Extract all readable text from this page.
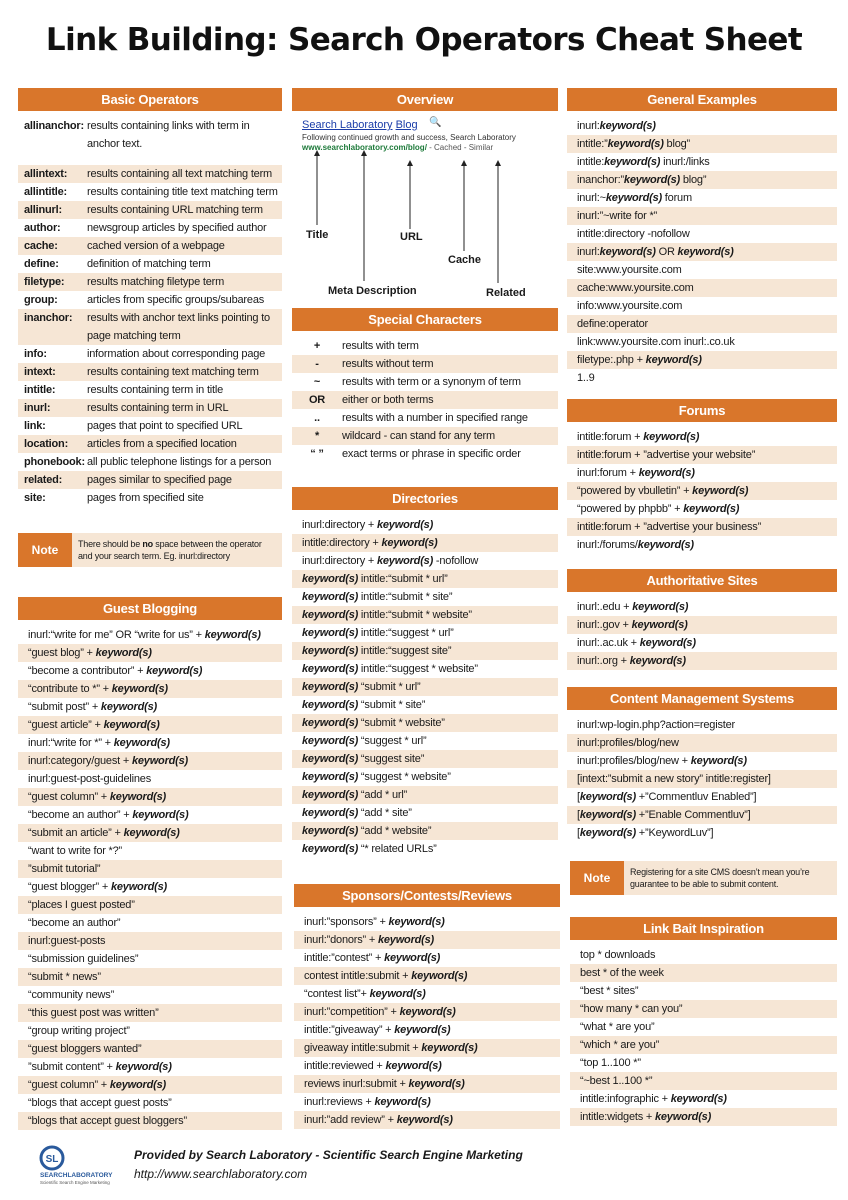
Link Building: Search Operators Cheat Sheet
Basic Operators
allinanchor: results containing links with term in anchor text.
allintext:	results containing all text matching term
allintitle:	results containing title text matching term
allinurl:	results containing URL matching term
author:	newsgroup articles by specified author
cache:	cached version of a webpage
define:	definition of matching term
filetype:	results matching filetype term
group:	articles from specific groups/subareas
inanchor:	results with anchor text links pointing to page matching term
info:	information about corresponding page
intext:	results containing text matching term
intitle:	results containing term in title
inurl:	results containing term in URL
link:	pages that point to specified URL
location:	articles from a specified location
phonebook: all public telephone listings for a person
related:	pages similar to specified page
site:	pages from specified site
Note	There should be no space between the operator and your search term. Eg. inurl:directory
Guest Blogging
inurl:“write for me” OR “write for us” + keyword(s)
“guest blog” + keyword(s)
“become a contributor” + keyword(s)
“contribute to *” + keyword(s)
“submit post” + keyword(s)
“guest article” + keyword(s)
inurl:“write for *” + keyword(s)
inurl:category/guest + keyword(s)
inurl:guest-post-guidelines
“guest column” + keyword(s)
“become an author” + keyword(s)
“submit an article” + keyword(s)
“want to write for *?”
”submit tutorial”
“guest blogger” + keyword(s)
“places I guest posted”
“become an author”
inurl:guest-posts
“submission guidelines”
“submit * news”
“community news”
“this guest post was written”
“group writing project”
“guest bloggers wanted”
”submit content” + keyword(s)
“guest column” + keyword(s)
“blogs that accept guest posts”
“blogs that accept guest bloggers”
Overview
Search Laboratory Blog 🔍
Following continued growth and success, Search Laboratory
www.searchlaboratory.com/blog/ - Cached - Similar
Title	URL
Cache
Meta Description	Related
Special Characters
+	results with term
-	results without term
~	results with term or a synonym of term
OR	either or both terms
..	results with a number in specified range
*	wildcard - can stand for any term
“ ”	exact terms or phrase in specific order
Directories
inurl:directory + keyword(s)
intitle:directory + keyword(s)
inurl:directory + keyword(s) -nofollow
keyword(s) intitle:“submit * url”
keyword(s) intitle:“submit * site”
keyword(s) intitle:“submit * website”
keyword(s) intitle:“suggest * url”
keyword(s) intitle:“suggest site”
keyword(s) intitle:“suggest * website”
keyword(s) “submit * url”
keyword(s) “submit * site”
keyword(s) “submit * website”
keyword(s) “suggest * url”
keyword(s) “suggest site”
keyword(s) “suggest * website”
keyword(s) “add * url”
keyword(s) “add * site”
keyword(s) “add * website”
keyword(s) “* related URLs”
Sponsors/Contests/Reviews
inurl:”sponsors” + keyword(s)
inurl:”donors” + keyword(s)
intitle:”contest” + keyword(s)
contest intitle:submit + keyword(s)
“contest list”+ keyword(s)
inurl:”competition” + keyword(s)
intitle:”giveaway” + keyword(s)
giveaway intitle:submit + keyword(s)
intitle:reviewed + keyword(s)
reviews inurl:submit + keyword(s)
inurl:reviews + keyword(s)
inurl:”add review” + keyword(s)
General Examples
inurl:keyword(s)
intitle:”keyword(s) blog”
intitle:keyword(s) inurl:/links
inanchor:”keyword(s) blog”
inurl:~keyword(s) forum
inurl:”~write for *”
intitle:directory -nofollow
inurl:keyword(s) OR keyword(s)
site:www.yoursite.com
cache:www.yoursite.com
info:www.yoursite.com
define:operator
link:www.yoursite.com inurl:.co.uk
filetype:.php + keyword(s)
1..9
Forums
intitle:forum + keyword(s)
intitle:forum + ”advertise your website”
inurl:forum + keyword(s)
“powered by vbulletin” + keyword(s)
“powered by phpbb” + keyword(s)
intitle:forum + ”advertise your business”
inurl:/forums/keyword(s)
Authoritative Sites
inurl:.edu + keyword(s)
inurl:.gov + keyword(s)
inurl:.ac.uk + keyword(s)
inurl:.org + keyword(s)
Content Management Systems
inurl:wp-login.php?action=register
inurl:profiles/blog/new
inurl:profiles/blog/new + keyword(s)
[intext:”submit a new story” intitle:register]
[keyword(s) +”Commentluv Enabled”]
[keyword(s) +”Enable Commentluv”]
[keyword(s) +”KeywordLuv”]
Note	Registering for a site CMS doesn’t mean you’re guarantee to be able to submit content.
Link Bait Inspiration
top * downloads
best * of the week
“best * sites”
“how many * can you”
“what * are you”
“which * are you”
“top 1..100 *”
“~best 1..100 *”
intitle:infographic + keyword(s)
intitle:widgets + keyword(s)
SL
SEARCHLABORATORY
Scientific Search Engine Marketing
Provided by Search Laboratory - Scientific Search Engine Marketing
http://www.searchlaboratory.com
